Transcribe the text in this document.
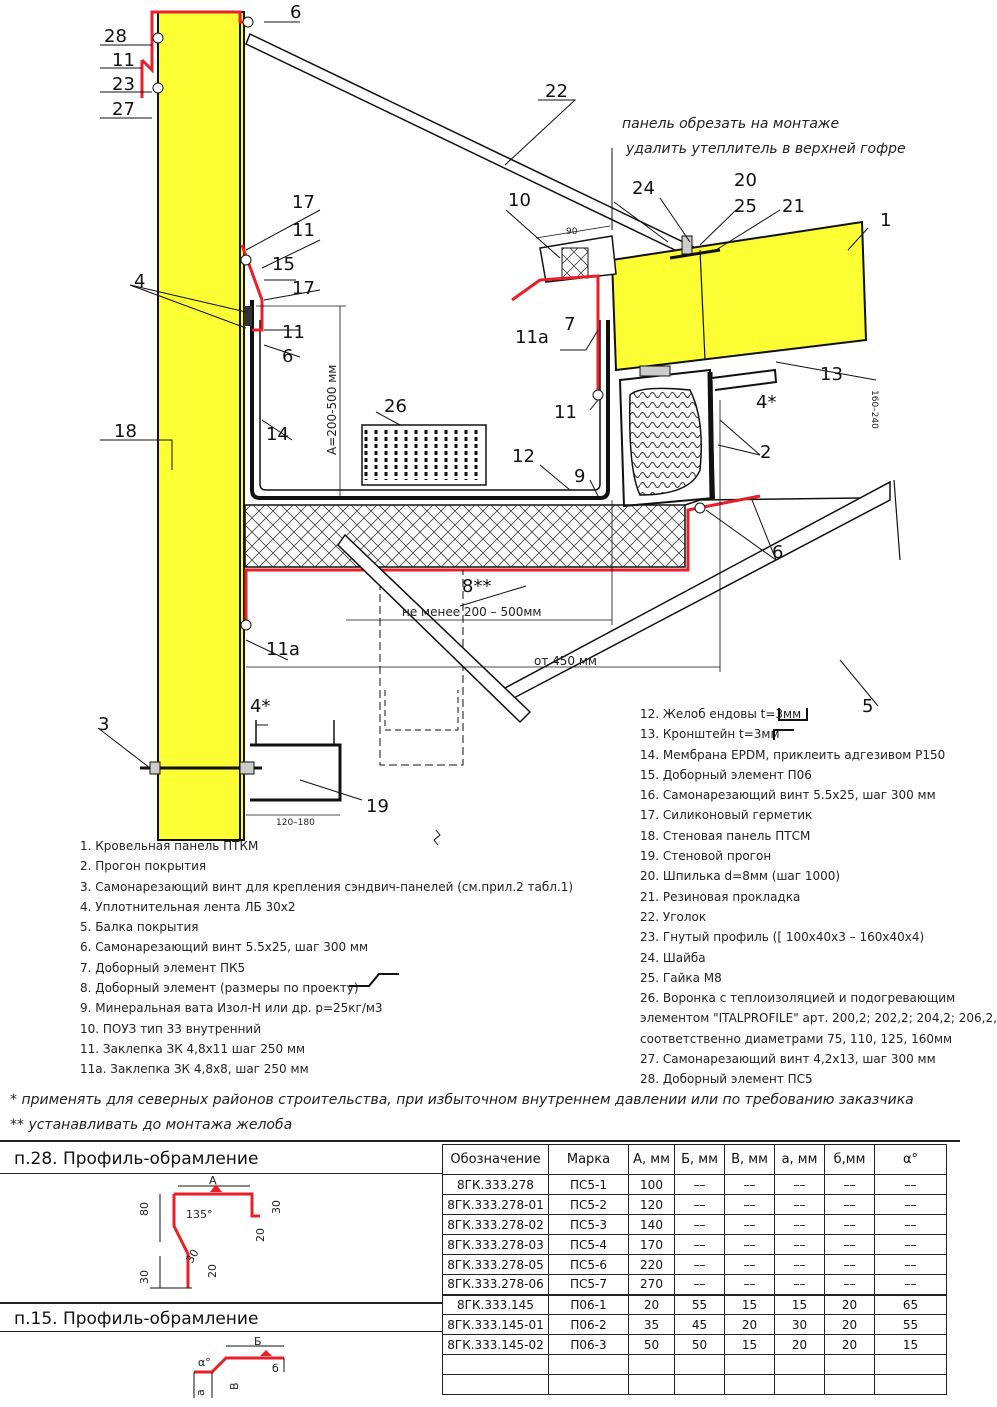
28
11
23
27
6
22
10
24	20
25 21
1
17
11
15
17
4
11
6
7
11а
13
4*
2
18
26
14
11
12
9
6
8**
11а
5
3
4*
19
панель обрезать на монтаже
удалить утеплитель в верхней гофре
A=200-500 мм
не менее 200 – 500мм
от 450 мм
120–180
90
160–240
1. Кровельная панель ПТКМ
2. Прогон покрытия
3. Самонарезающий винт для крепления сэндвич-панелей (см.прил.2 табл.1)
4. Уплотнительная лента ЛБ 30х2
5. Балка покрытия
6. Самонарезающий винт 5.5х25, шаг 300 мм
7. Доборный элемент ПК5
8. Доборный элемент (размеры по проекту)
9. Минеральная вата Изол-Н или др. р=25кг/м3
10. ПОУЗ тип 33 внутренний
11. Заклепка ЗК 4,8х11 шаг 250 мм
11а. Заклепка ЗК 4,8х8, шаг 250 мм
12. Желоб ендовы t=3мм
13. Кронштейн t=3мм
14. Мембрана EPDM, приклеить адгезивом Р150
15. Доборный элемент П06
16. Самонарезающий винт 5.5х25, шаг 300 мм
17. Силиконовый герметик
18. Стеновая панель ПТСМ
19. Стеновой прогон
20. Шпилька d=8мм (шаг 1000)
21. Резиновая прокладка
22. Уголок
23. Гнутый профиль ([ 100х40х3 – 160х40х4)
24. Шайба
25. Гайка М8
26. Воронка с теплоизоляцией и подогревающим
элементом "ITALPROFILE" арт. 200,2; 202,2; 204,2; 206,2,
соответственно диаметрами 75, 110, 125, 160мм
27. Самонарезающий винт 4,2х13, шаг 300 мм
28. Доборный элемент ПС5
* применять для северных районов строительства, при избыточном внутреннем давлении или по требованию заказчика
** устанавливать до монтажа желоба
п.28. Профиль-обрамление
п.15. Профиль-обрамление
А
135°
80
30	20
30
20
30
Б
В
а
б
α°
Обозначение	Марка	А, мм	Б, мм	В, мм	а, мм	б,мм	α°
8ГК.333.278	ПС5-1	100	––	––	––	––	––
8ГК.333.278-01	ПС5-2	120	––	––	––	––	––
8ГК.333.278-02	ПС5-3	140	––	––	––	––	––
8ГК.333.278-03	ПС5-4	170	––	––	––	––	––
8ГК.333.278-05	ПС5-6	220	––	––	––	––	––
8ГК.333.278-06	ПС5-7	270	––	––	––	––	––
8ГК.333.145	П06-1	20	55	15	15	20	65
8ГК.333.145-01	П06-2	35	45	20	30	20	55
8ГК.333.145-02	П06-3	50	50	15	20	20	15
